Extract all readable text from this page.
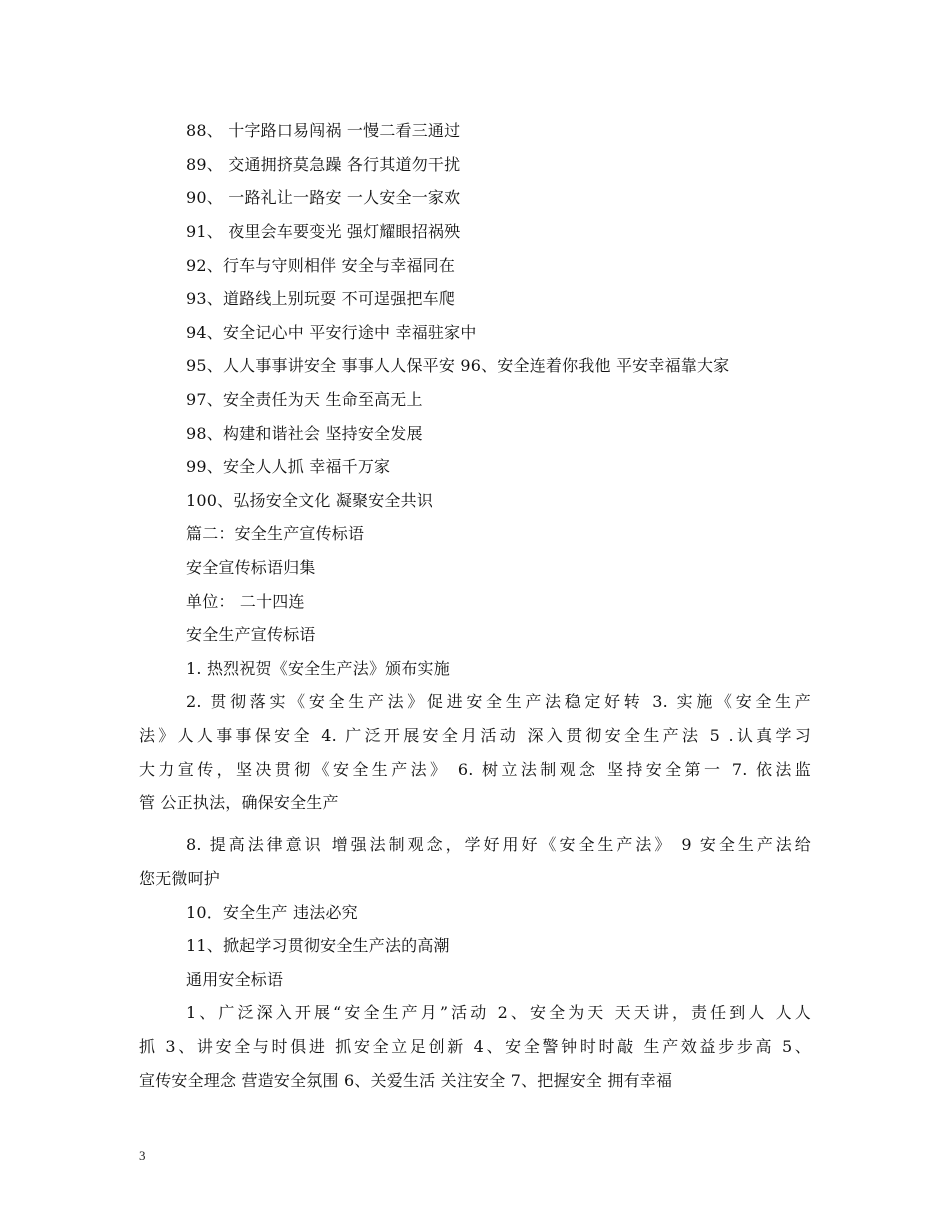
88、 十字路口易闯祸 一慢二看三通过
89、 交通拥挤莫急躁 各行其道勿干扰
90、 一路礼让一路安 一人安全一家欢
91、 夜里会车要变光 强灯耀眼招祸殃
92、行车与守则相伴 安全与幸福同在
93、道路线上别玩耍 不可逞强把车爬
94、安全记心中 平安行途中 幸福驻家中
95、人人事事讲安全 事事人人保平安 96、安全连着你我他 平安幸福靠大家
97、安全责任为天 生命至高无上
98、构建和谐社会 坚持安全发展
99、安全人人抓 幸福千万家
100、弘扬安全文化 凝聚安全共识
篇二：安全生产宣传标语
安全宣传标语归集
单位： 二十四连
安全生产宣传标语
1. 热烈祝贺《安全生产法》颁布实施
2. 贯彻落实《安全生产法》促进安全生产法稳定好转 3. 实施《安全生产
法》人人事事保安全 4. 广泛开展安全月活动 深入贯彻安全生产法 5 .认真学习
大力宣传，坚决贯彻《安全生产法》 6. 树立法制观念 坚持安全第一 7. 依法监
管 公正执法，确保安全生产
8. 提高法律意识 增强法制观念，学好用好《安全生产法》 9 安全生产法给
您无微呵护
10．安全生产 违法必究
11、掀起学习贯彻安全生产法的高潮
通用安全标语
1、广泛深入开展“安全生产月”活动 2、安全为天 天天讲，责任到人 人人
抓 3、讲安全与时俱进 抓安全立足创新 4、安全警钟时时敲 生产效益步步高 5、
宣传安全理念 营造安全氛围 6、关爱生活 关注安全 7、把握安全 拥有幸福
3
